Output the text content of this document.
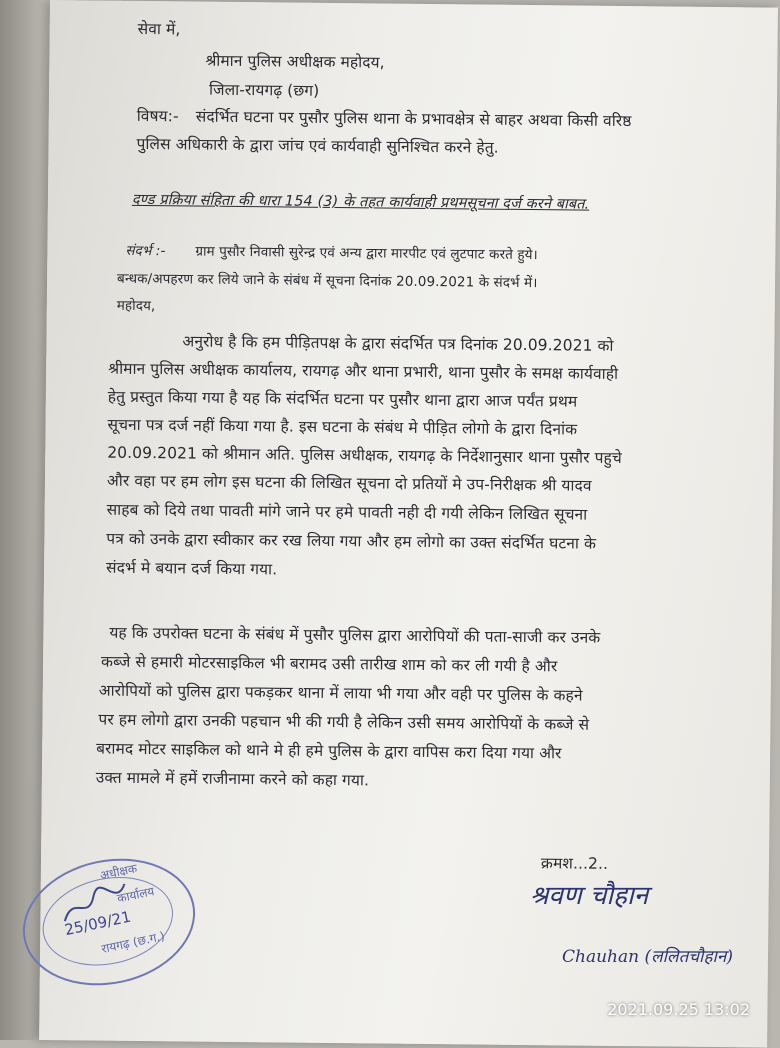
सेवा में,
श्रीमान पुलिस अधीक्षक महोदय,
जिला-रायगढ़ (छग)
विषय:- संदर्भित घटना पर पुसौर पुलिस थाना के प्रभावक्षेत्र से बाहर अथवा किसी वरिष्ठ
पुलिस अधिकारी के द्वारा जांच एवं कार्यवाही सुनिश्चित करने हेतु.
दण्ड प्रक्रिया संहिता की धारा 154 (3) के तहत कार्यवाही प्रथमसूचना दर्ज करने बाबत.
संदर्भ :- ग्राम पुसौर निवासी सुरेन्द्र एवं अन्य द्वारा मारपीट एवं लुटपाट करते हुये।
बन्धक/अपहरण कर लिये जाने के संबंध में सूचना दिनांक 20.09.2021 के संदर्भ में।
महोदय,
अनुरोध है कि हम पीड़ितपक्ष के द्वारा संदर्भित पत्र दिनांक 20.09.2021 को
श्रीमान पुलिस अधीक्षक कार्यालय, रायगढ़ और थाना प्रभारी, थाना पुसौर के समक्ष कार्यवाही
हेतु प्रस्तुत किया गया है यह कि संदर्भित घटना पर पुसौर थाना द्वारा आज पर्यंत प्रथम
सूचना पत्र दर्ज नहीं किया गया है. इस घटना के संबंध मे पीड़ित लोगो के द्वारा दिनांक
20.09.2021 को श्रीमान अति. पुलिस अधीक्षक, रायगढ़ के निर्देशानुसार थाना पुसौर पहुचे
और वहा पर हम लोग इस घटना की लिखित सूचना दो प्रतियों मे उप-निरीक्षक श्री यादव
साहब को दिये तथा पावती मांगे जाने पर हमे पावती नही दी गयी लेकिन लिखित सूचना
पत्र को उनके द्वारा स्वीकार कर रख लिया गया और हम लोगो का उक्त संदर्भित घटना के
संदर्भ मे बयान दर्ज किया गया.
यह कि उपरोक्त घटना के संबंध में पुसौर पुलिस द्वारा आरोपियों की पता-साजी कर उनके
कब्जे से हमारी मोटरसाइकिल भी बरामद उसी तारीख शाम को कर ली गयी है और
आरोपियों को पुलिस द्वारा पकड़कर थाना में लाया भी गया और वही पर पुलिस के कहने
पर हम लोगो द्वारा उनकी पहचान भी की गयी है लेकिन उसी समय आरोपियों के कब्जे से
बरामद मोटर साइकिल को थाने मे ही हमे पुलिस के द्वारा वापिस करा दिया गया और
उक्त मामले में हमें राजीनामा करने को कहा गया.
क्रमश...2..
अधीक्षक
कार्यालय
25/09/21
रायगढ़ (छ.ग.)
श्रवण चौहान
Chauhan (ललितचौहान)
2021.09.25 13:02
